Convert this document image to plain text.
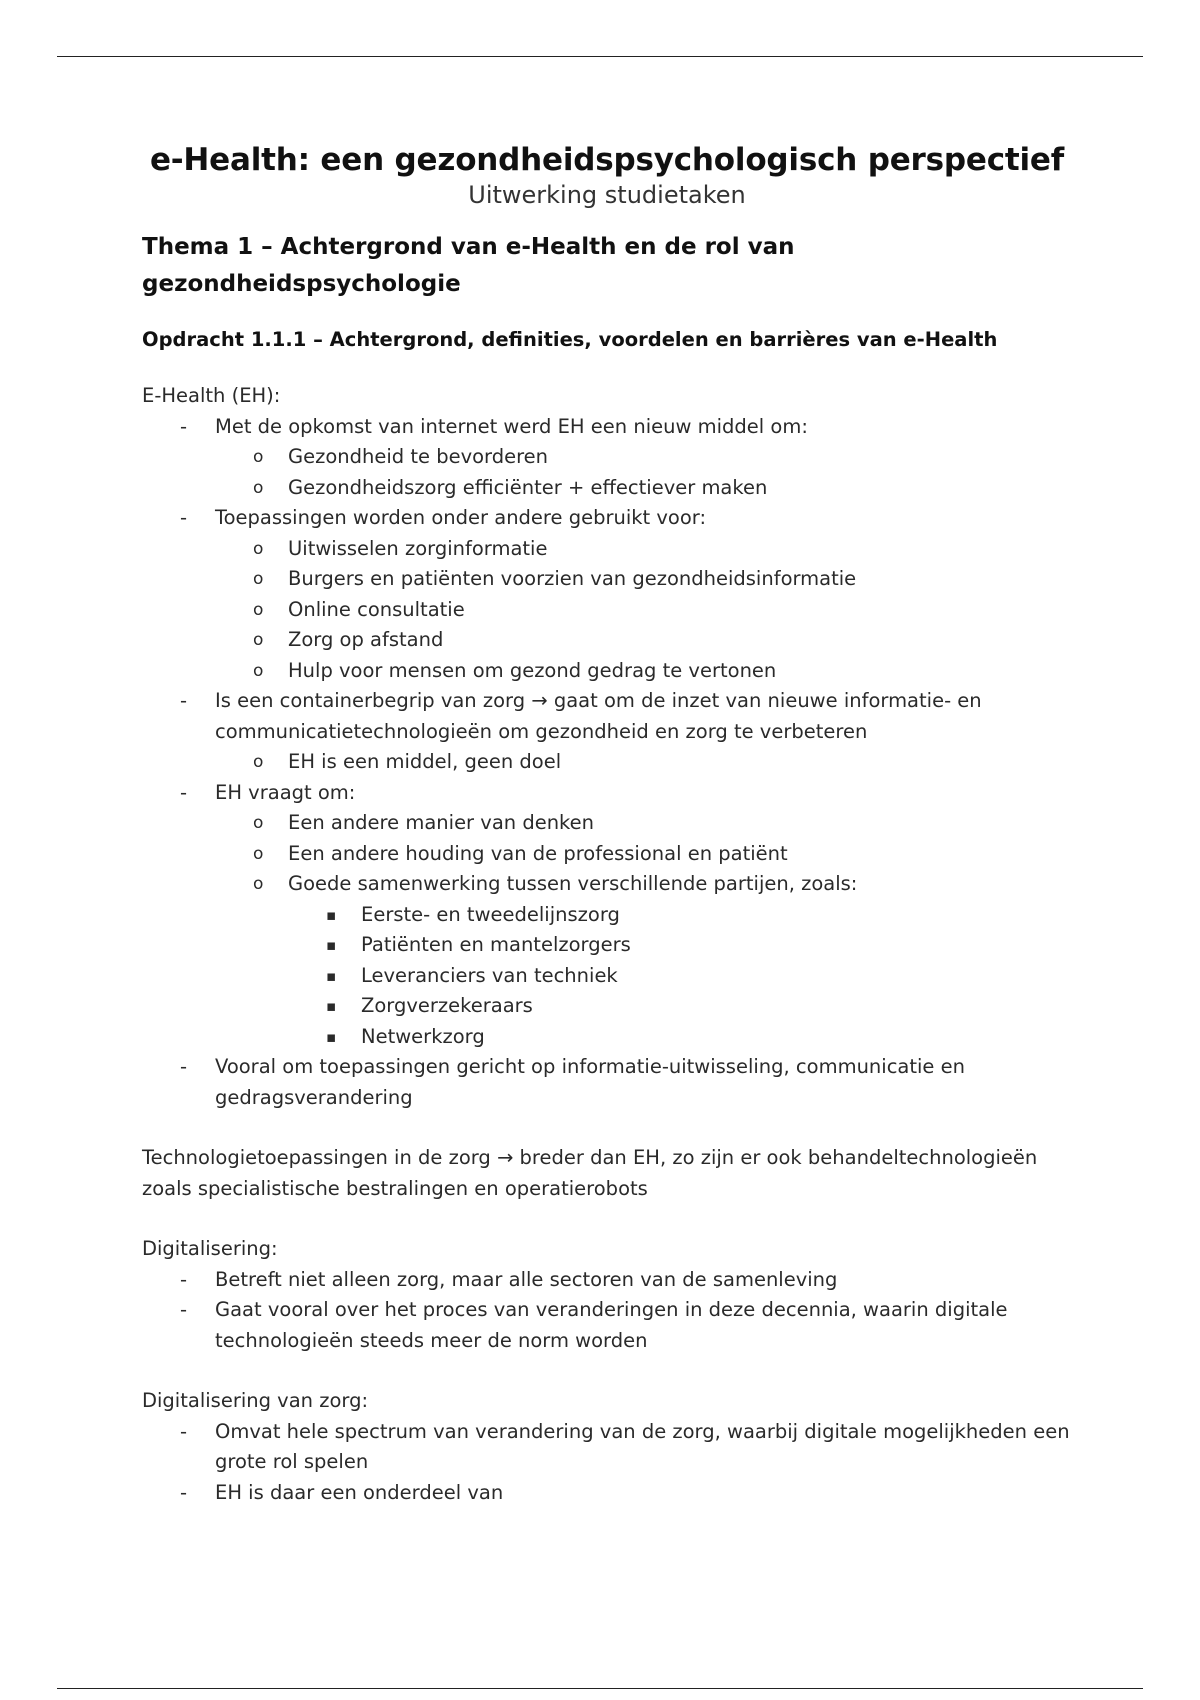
e-Health: een gezondheidspsychologisch perspectief
Uitwerking studietaken
Thema 1 – Achtergrond van e-Health en de rol van
gezondheidspsychologie
Opdracht 1.1.1 – Achtergrond, definities, voordelen en barrières van e-Health

E-Health (EH):

- Met de opkomst van internet werd EH een nieuw middel om:
o Gezondheid te bevorderen
o Gezondheidszorg efficiënter + effectiever maken
- Toepassingen worden onder andere gebruikt voor:
o Uitwisselen zorginformatie
o Burgers en patiënten voorzien van gezondheidsinformatie
o Online consultatie
o Zorg op afstand
o Hulp voor mensen om gezond gedrag te vertonen
- Is een containerbegrip van zorg → gaat om de inzet van nieuwe informatie- en communicatietechnologieën om gezondheid en zorg te verbeteren
o EH is een middel, geen doel
- EH vraagt om:
o Een andere manier van denken
o Een andere houding van de professional en patiënt
o Goede samenwerking tussen verschillende partijen, zoals:
▪ Eerste- en tweedelijnszorg
▪ Patiënten en mantelzorgers
▪ Leveranciers van techniek
▪ Zorgverzekeraars
▪ Netwerkzorg
- Vooral om toepassingen gericht op informatie-uitwisseling, communicatie en gedragsverandering

Technologietoepassingen in de zorg → breder dan EH, zo zijn er ook behandeltechnologieën zoals specialistische bestralingen en operatierobots

Digitalisering:

- Betreft niet alleen zorg, maar alle sectoren van de samenleving
- Gaat vooral over het proces van veranderingen in deze decennia, waarin digitale technologieën steeds meer de norm worden

Digitalisering van zorg:

- Omvat hele spectrum van verandering van de zorg, waarbij digitale mogelijkheden een grote rol spelen
- EH is daar een onderdeel van
